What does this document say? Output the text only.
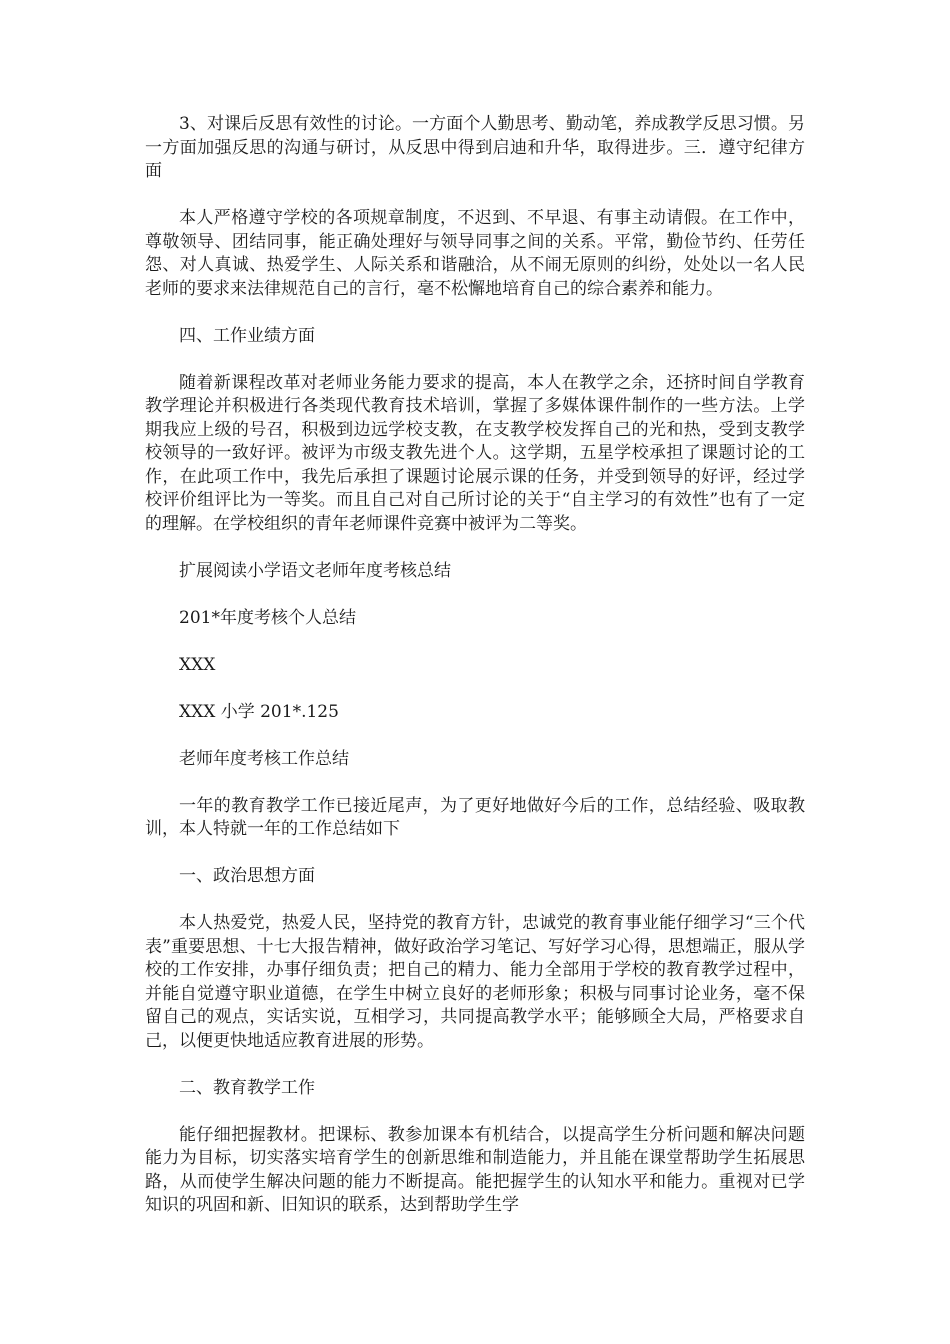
3、对课后反思有效性的讨论。一方面个人勤思考、勤动笔，养成教学反思习惯。另一方面加强反思的沟通与研讨，从反思中得到启迪和升华，取得进步。三．遵守纪律方面

本人严格遵守学校的各项规章制度，不迟到、不早退、有事主动请假。在工作中，尊敬领导、团结同事，能正确处理好与领导同事之间的关系。平常，勤俭节约、任劳任怨、对人真诚、热爱学生、人际关系和谐融洽，从不闹无原则的纠纷，处处以一名人民老师的要求来法律规范自己的言行，毫不松懈地培育自己的综合素养和能力。

四、工作业绩方面

随着新课程改革对老师业务能力要求的提高，本人在教学之余，还挤时间自学教育教学理论并积极进行各类现代教育技术培训，掌握了多媒体课件制作的一些方法。上学期我应上级的号召，积极到边远学校支教，在支教学校发挥自己的光和热，受到支教学校领导的一致好评。被评为市级支教先进个人。这学期，五星学校承担了课题讨论的工作，在此项工作中，我先后承担了课题讨论展示课的任务，并受到领导的好评，经过学校评价组评比为一等奖。而且自己对自己所讨论的关于“自主学习的有效性”也有了一定的理解。在学校组织的青年老师课件竞赛中被评为二等奖。

扩展阅读小学语文老师年度考核总结

201*年度考核个人总结

XXX

XXX 小学 201*.125

老师年度考核工作总结

一年的教育教学工作已接近尾声，为了更好地做好今后的工作，总结经验、吸取教训，本人特就一年的工作总结如下

一、政治思想方面

本人热爱党，热爱人民，坚持党的教育方针，忠诚党的教育事业能仔细学习“三个代表”重要思想、十七大报告精神，做好政治学习笔记、写好学习心得，思想端正，服从学校的工作安排，办事仔细负责；把自己的精力、能力全部用于学校的教育教学过程中，并能自觉遵守职业道德，在学生中树立良好的老师形象；积极与同事讨论业务，毫不保留自己的观点，实话实说，互相学习，共同提高教学水平；能够顾全大局，严格要求自己，以便更快地适应教育进展的形势。

二、教育教学工作

能仔细把握教材。把课标、教参加课本有机结合，以提高学生分析问题和解决问题能力为目标，切实落实培育学生的创新思维和制造能力，并且能在课堂帮助学生拓展思路，从而使学生解决问题的能力不断提高。能把握学生的认知水平和能力。重视对已学知识的巩固和新、旧知识的联系，达到帮助学生学
